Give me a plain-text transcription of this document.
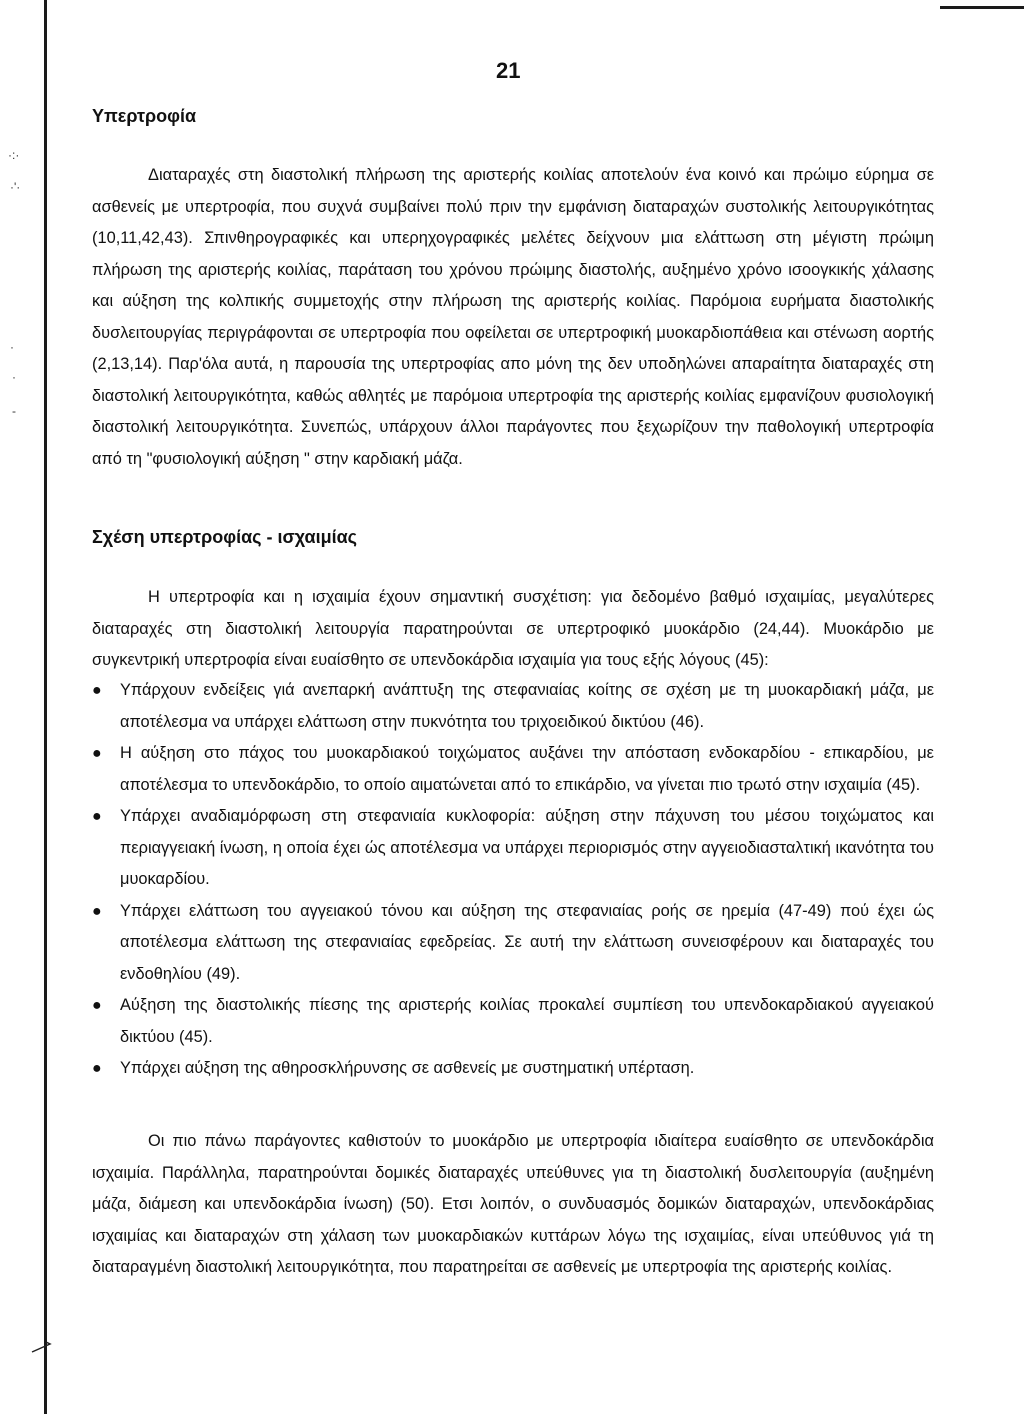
·:·
·'·
·
·
-
21
Υπερτροφία

Διαταραχές στη διαστολική πλήρωση της αριστερής κοιλίας αποτελούν ένα κοινό και πρώιμο εύρημα σε ασθενείς με υπερτροφία, που συχνά συμβαίνει πολύ πριν την εμφάνιση διαταραχών συστολικής λειτουργικότητας (10,11,42,43). Σπινθηρογραφικές και υπερηχογραφικές μελέτες δείχνουν μια ελάττωση στη μέγιστη πρώιμη πλήρωση της αριστερής κοιλίας, παράταση του χρόνου πρώιμης διαστολής, αυξημένο χρόνο ισοογκικής χάλασης και αύξηση της κολπικής συμμετοχής στην πλήρωση της αριστερής κοιλίας. Παρόμοια ευρήματα διαστολικής δυσλειτουργίας περιγράφονται σε υπερτροφία που οφείλεται σε υπερτροφική μυοκαρδιοπάθεια και στένωση αορτής (2,13,14). Παρ'όλα αυτά, η παρουσία της υπερτροφίας απο μόνη της δεν υποδηλώνει απαραίτητα διαταραχές στη διαστολική λειτουργικότητα, καθώς αθλητές με παρόμοια υπερτροφία της αριστερής κοιλίας εμφανίζουν φυσιολογική διαστολική λειτουργικότητα. Συνεπώς, υπάρχουν άλλοι παράγοντες που ξεχωρίζουν την παθολογική υπερτροφία από τη "φυσιολογική αύξηση " στην καρδιακή μάζα.

Σχέση υπερτροφίας - ισχαιμίας

Η υπερτροφία και η ισχαιμία έχουν σημαντική συσχέτιση: για δεδομένο βαθμό ισχαιμίας, μεγαλύτερες διαταραχές στη διαστολική λειτουργία παρατηρούνται σε υπερτροφικό μυοκάρδιο (24,44). Μυοκάρδιο με συγκεντρική υπερτροφία είναι ευαίσθητο σε υπενδοκάρδια ισχαιμία για τους εξής λόγους (45):

● Υπάρχουν ενδείξεις γιά ανεπαρκή ανάπτυξη της στεφανιαίας κοίτης σε σχέση με τη μυοκαρδιακή μάζα, με αποτέλεσμα να υπάρχει ελάττωση στην πυκνότητα του τριχοειδικού δικτύου (46).
● Η αύξηση στο πάχος του μυοκαρδιακού τοιχώματος αυξάνει την απόσταση ενδοκαρδίου - επικαρδίου, με αποτέλεσμα το υπενδοκάρδιο, το οποίο αιματώνεται από το επικάρδιο, να γίνεται πιο τρωτό στην ισχαιμία (45).
● Υπάρχει αναδιαμόρφωση στη στεφανιαία κυκλοφορία: αύξηση στην πάχυνση του μέσου τοιχώματος και περιαγγειακή ίνωση, η οποία έχει ώς αποτέλεσμα να υπάρχει περιορισμός στην αγγειοδιασταλτική ικανότητα του μυοκαρδίου.
● Υπάρχει ελάττωση του αγγειακού τόνου και αύξηση της στεφανιαίας ροής σε ηρεμία (47-49) πού έχει ώς αποτέλεσμα ελάττωση της στεφανιαίας εφεδρείας. Σε αυτή την ελάττωση συνεισφέρουν και διαταραχές του ενδοθηλίου (49).
● Αύξηση της διαστολικής πίεσης της αριστερής κοιλίας προκαλεί συμπίεση του υπενδοκαρδιακού αγγειακού δικτύου (45).
● Υπάρχει αύξηση της αθηροσκλήρυνσης σε ασθενείς με συστηματική υπέρταση.

Οι πιο πάνω παράγοντες καθιστούν το μυοκάρδιο με υπερτροφία ιδιαίτερα ευαίσθητο σε υπενδοκάρδια ισχαιμία. Παράλληλα, παρατηρούνται δομικές διαταραχές υπεύθυνες για τη διαστολική δυσλειτουργία (αυξημένη μάζα, διάμεση και υπενδοκάρδια ίνωση) (50). Ετσι λοιπόν, ο συνδυασμός δομικών διαταραχών, υπενδοκάρδιας ισχαιμίας και διαταραχών στη χάλαση των μυοκαρδιακών κυττάρων λόγω της ισχαιμίας, είναι υπεύθυνος γιά τη διαταραγμένη διαστολική λειτουργικότητα, που παρατηρείται σε ασθενείς με υπερτροφία της αριστερής κοιλίας.
